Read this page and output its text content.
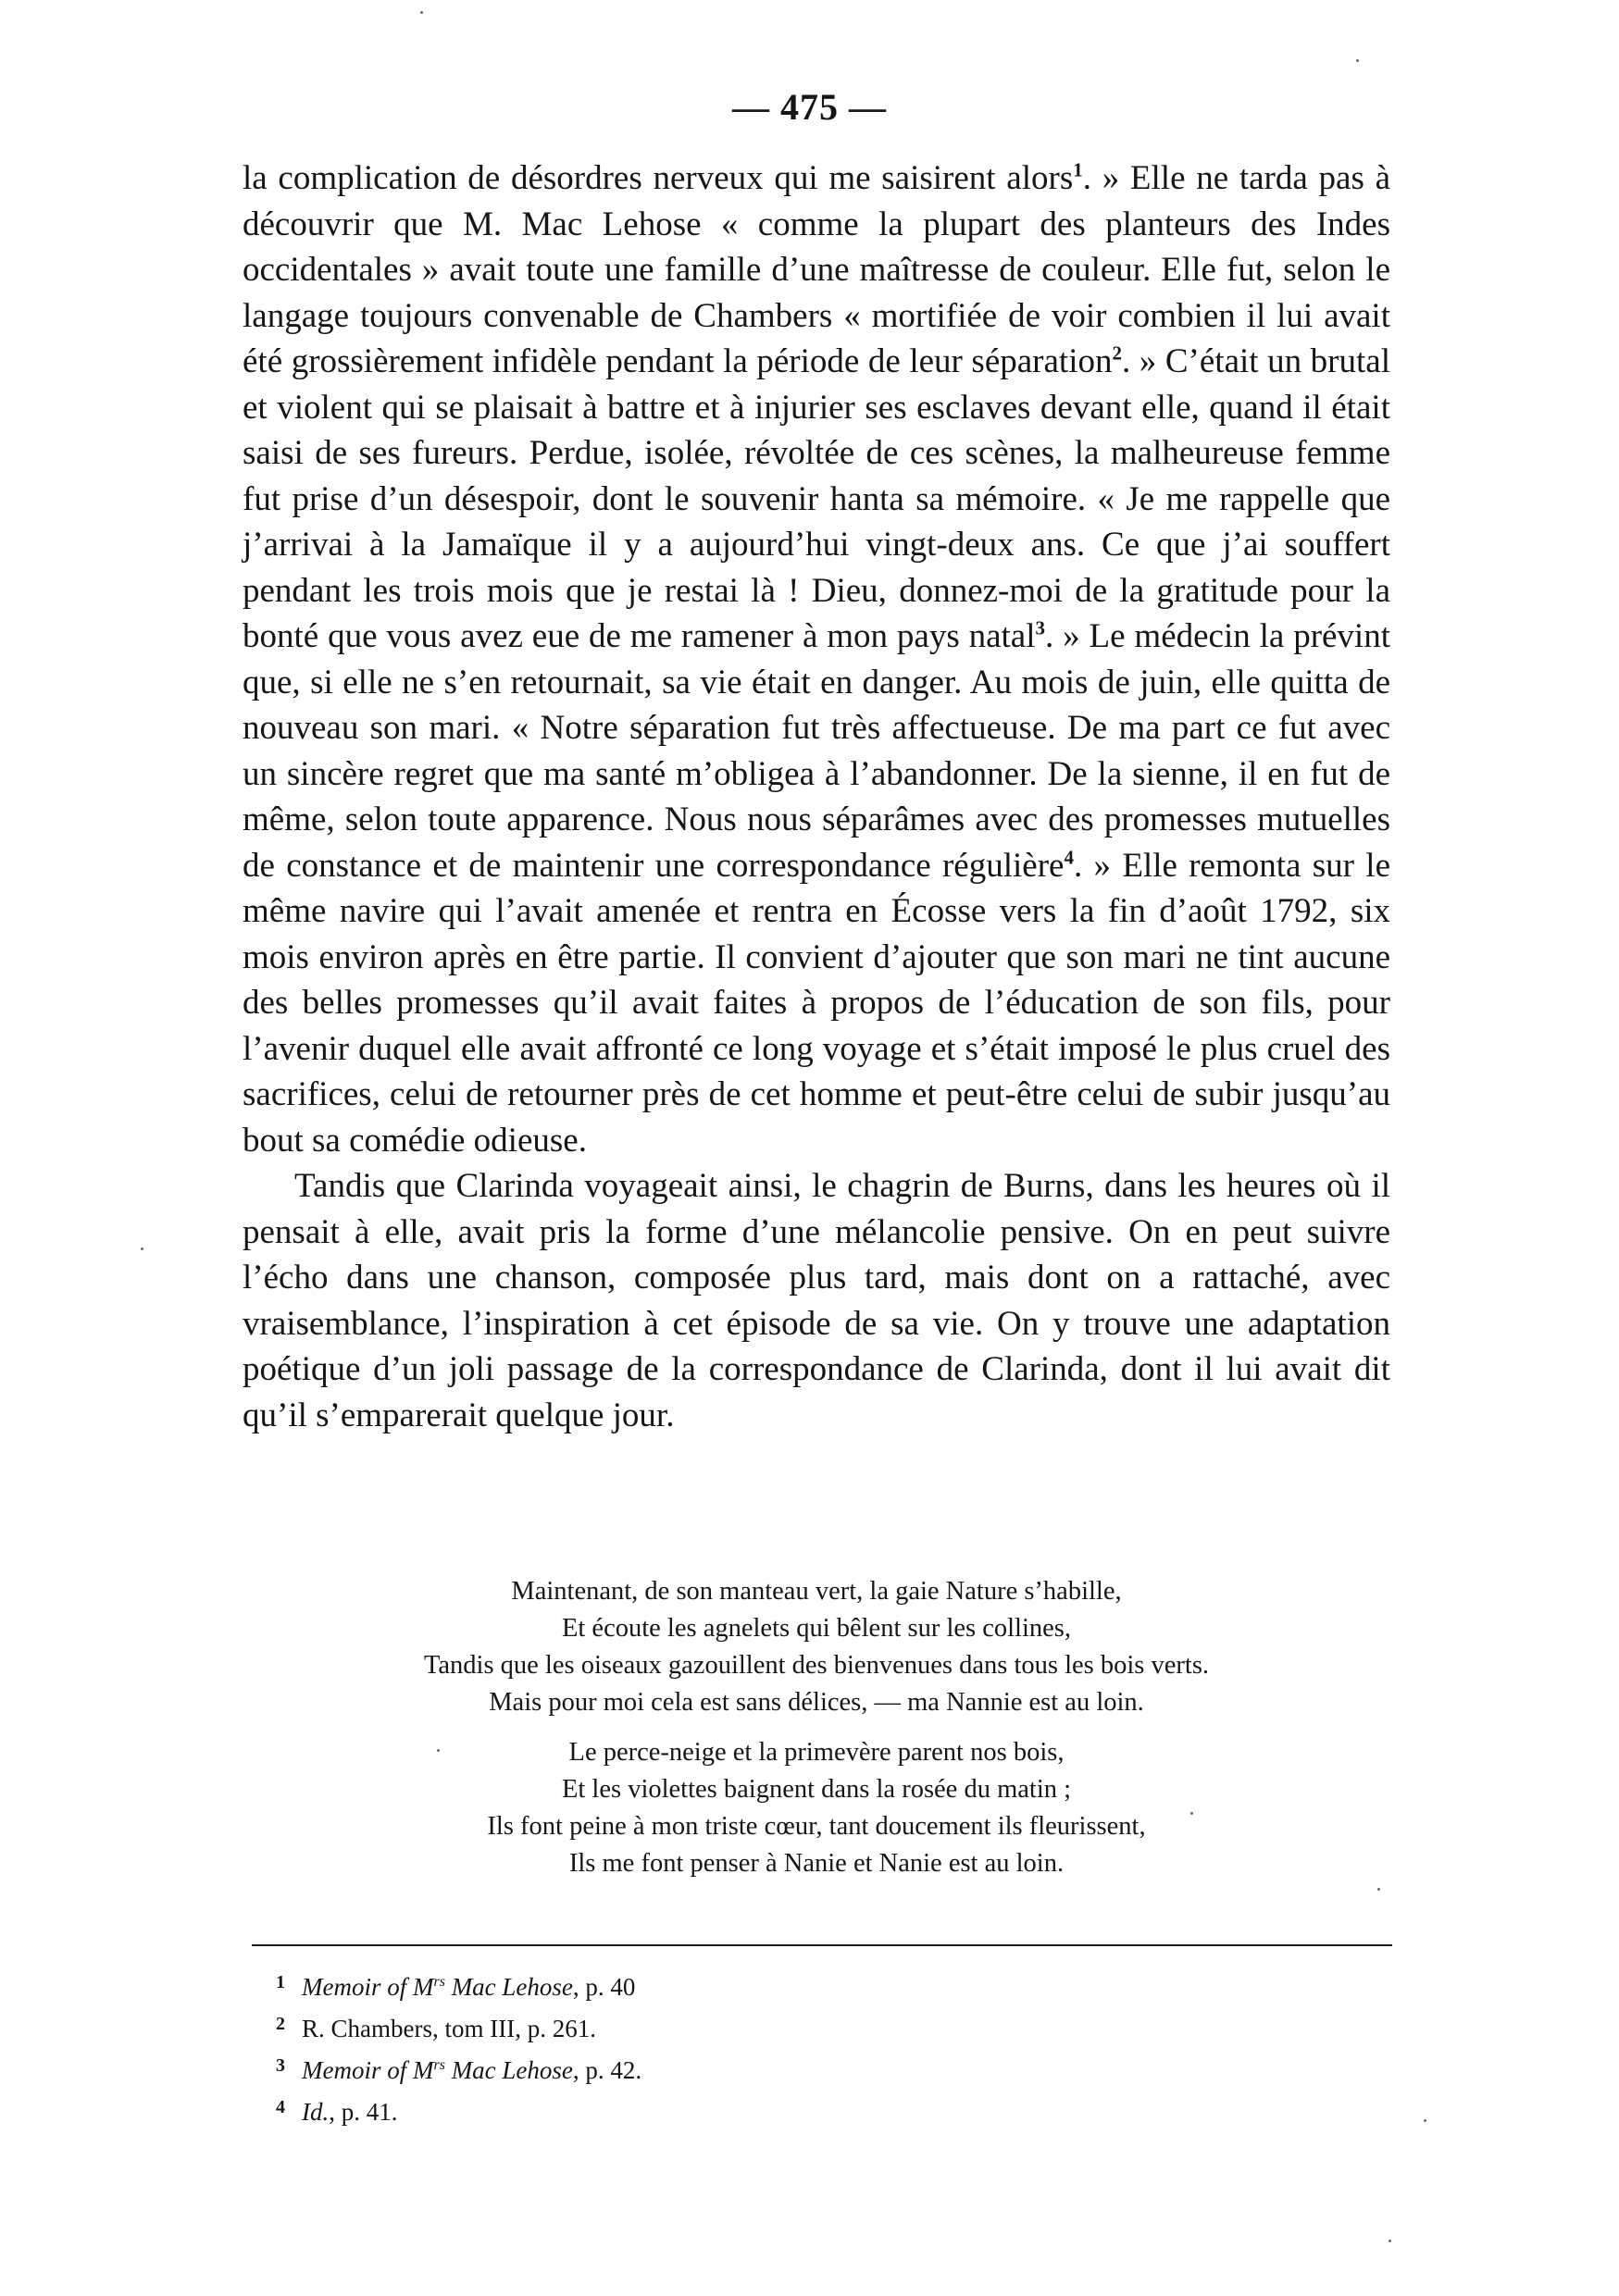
— 475 —

la complication de désordres nerveux qui me saisirent alors$^1$. » Elle ne tarda pas à découvrir que M. Mac Lehose « comme la plupart des planteurs des Indes occidentales » avait toute une famille d’une maîtresse de couleur. Elle fut, selon le langage toujours convenable de Chambers « mortifiée de voir combien il lui avait été grossièrement infidèle pendant la période de leur séparation$^2$. » C’était un brutal et violent qui se plaisait à battre et à injurier ses esclaves devant elle, quand il était saisi de ses fureurs. Perdue, isolée, révoltée de ces scènes, la malheureuse femme fut prise d’un désespoir, dont le souvenir hanta sa mémoire. « Je me rappelle que j’arrivai à la Jamaïque il y a aujourd’hui vingt-deux ans. Ce que j’ai souffert pendant les trois mois que je restai là ! Dieu, donnez-moi de la gratitude pour la bonté que vous avez eue de me ramener à mon pays natal$^3$. » Le médecin la prévint que, si elle ne s’en retournait, sa vie était en danger. Au mois de juin, elle quitta de nouveau son mari. « Notre séparation fut très affectueuse. De ma part ce fut avec un sincère regret que ma santé m’obligea à l’abandonner. De la sienne, il en fut de même, selon toute apparence. Nous nous séparâmes avec des promesses mutuelles de constance et de maintenir une correspondance régulière$^4$. » Elle remonta sur le même navire qui l’avait amenée et rentra en Écosse vers la fin d’août 1792, six mois environ après en être partie. Il convient d’ajouter que son mari ne tint aucune des belles promesses qu’il avait faites à propos de l’éducation de son fils, pour l’avenir duquel elle avait affronté ce long voyage et s’était imposé le plus cruel des sacrifices, celui de retourner près de cet homme et peut-être celui de subir jusqu’au bout sa comédie odieuse.

Tandis que Clarinda voyageait ainsi, le chagrin de Burns, dans les heures où il pensait à elle, avait pris la forme d’une mélancolie pensive. On en peut suivre l’écho dans une chanson, composée plus tard, mais dont on a rattaché, avec vraisemblance, l’inspiration à cet épisode de sa vie. On y trouve une adaptation poétique d’un joli passage de la correspondance de Clarinda, dont il lui avait dit qu’il s’emparerait quelque jour.

Maintenant, de son manteau vert, la gaie Nature s’habille,
Et écoute les agnelets qui bêlent sur les collines,
Tandis que les oiseaux gazouillent des bienvenues dans tous les bois verts.
Mais pour moi cela est sans délices, — ma Nannie est au loin.
Le perce-neige et la primevère parent nos bois,
Et les violettes baignent dans la rosée du matin ;
Ils font peine à mon triste cœur, tant doucement ils fleurissent,
Ils me font penser à Nanie et Nanie est au loin.
1 Memoir of $M^{rs}$ Mac Lehose, p. 40
2 R. Chambers, tom III, p. 261.
3 Memoir of $M^{rs}$ Mac Lehose, p. 42.
4 Id., p. 41.
